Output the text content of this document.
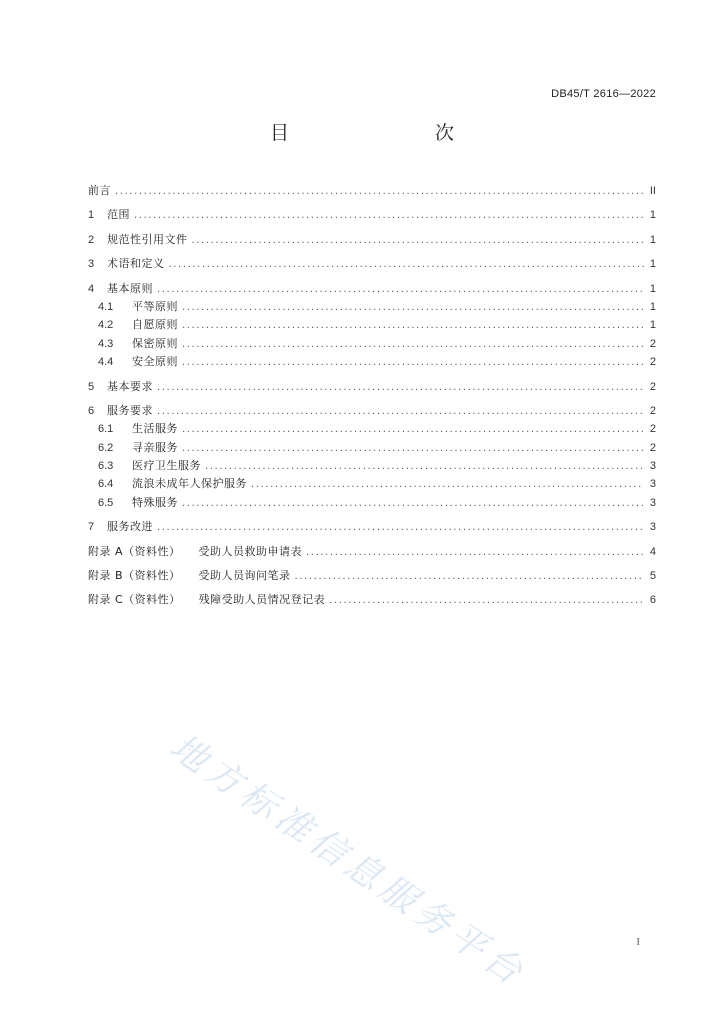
DB45/T 2616—2022
目　　次
前言 .....	II
1	范围 .....	1
2	规范性引用文件 .....	1
3	术语和定义 .....	1
4	基本原则 .....	1
4.1	平等原则 .....	1
4.2	自愿原则 .....	1
4.3	保密原则 .....	2
4.4	安全原则 .....	2
5	基本要求 .....	2
6	服务要求 .....	2
6.1	生活服务 .....	2
6.2	寻亲服务 .....	2
6.3	医疗卫生服务 .....	3
6.4	流浪未成年人保护服务 .....	3
6.5	特殊服务 .....	3
7	服务改进 .....	3
附录 A（资料性） 受助人员救助申请表 .....	4
附录 B（资料性） 受助人员询问笔录 .....	5
附录 C（资料性） 残障受助人员情况登记表 .....	6
地方标准信息服务平台	I
